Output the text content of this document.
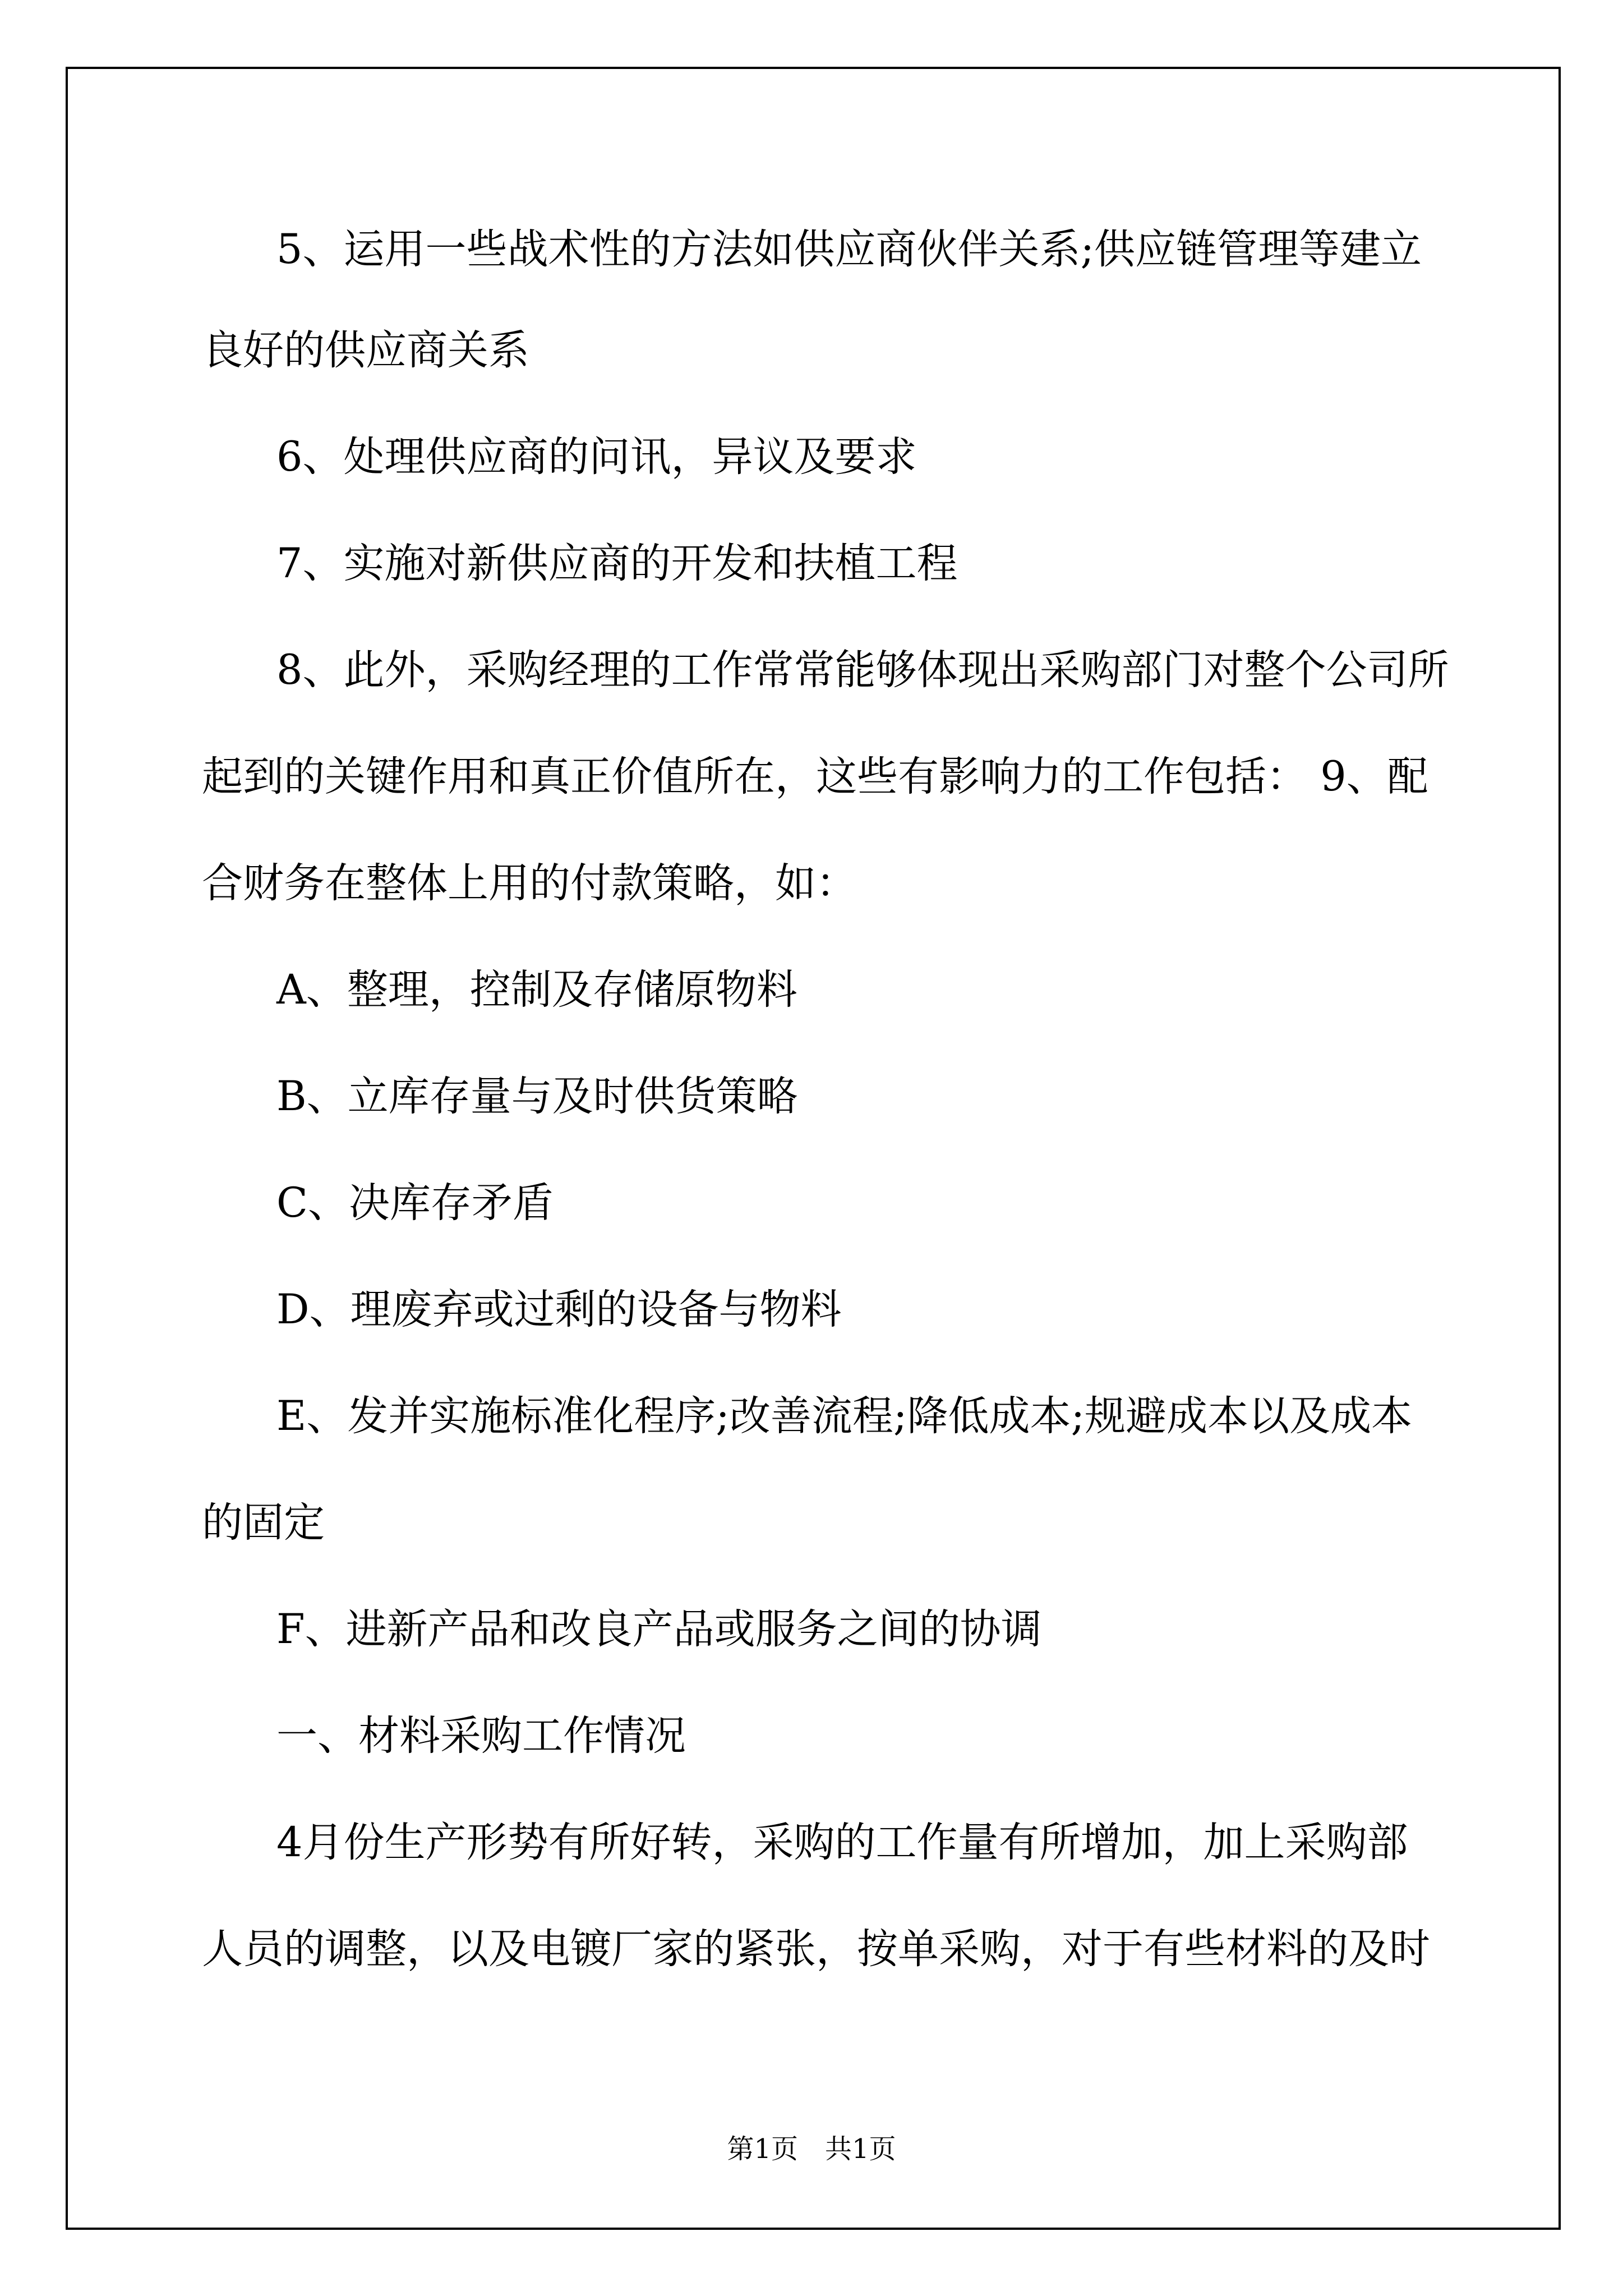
5、运用一些战术性的方法如供应商伙伴关系;供应链管理等建立
良好的供应商关系
6、处理供应商的问讯，异议及要求
7、实施对新供应商的开发和扶植工程
8、此外，采购经理的工作常常能够体现出采购部门对整个公司所
起到的关键作用和真正价值所在，这些有影响力的工作包括： 9、配
合财务在整体上用的付款策略，如：
A、整理，控制及存储原物料
B、立库存量与及时供货策略
C、决库存矛盾
D、理废弃或过剩的设备与物料
E、发并实施标准化程序;改善流程;降低成本;规避成本以及成本
的固定
F、进新产品和改良产品或服务之间的协调
一、材料采购工作情况
4月份生产形势有所好转，采购的工作量有所增加，加上采购部
人员的调整，以及电镀厂家的紧张，按单采购，对于有些材料的及时
第1页　共1页
